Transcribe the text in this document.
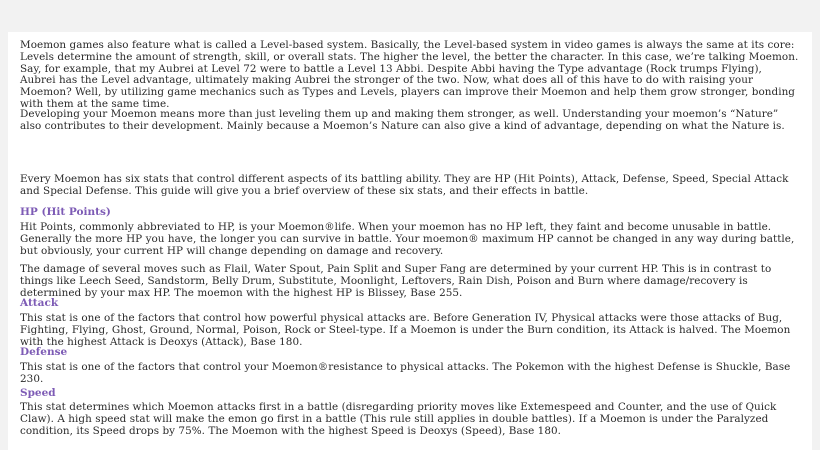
Moemon games also feature what is called a Level-based system. Basically, the Level-based system in video games is always the same at its core: Levels determine the amount of strength, skill, or overall stats. The higher the level, the better the character. In this case, we’re talking Moemon. Say, for example, that my Aubrei at Level 72 were to battle a Level 13 Abbi. Despite Abbi having the Type advantage (Rock trumps Flying), Aubrei has the Level advantage, ultimately making Aubrei the stronger of the two. Now, what does all of this have to do with raising your Moemon? Well, by utilizing game mechanics such as Types and Levels, players can improve their Moemon and help them grow stronger, bonding with them at the same time.

Developing your Moemon means more than just leveling them up and making them stronger, as well. Understanding your moemon’s “Nature” also contributes to their development. Mainly because a Moemon’s Nature can also give a kind of advantage, depending on what the Nature is.

Every Moemon has six stats that control different aspects of its battling ability. They are HP (Hit Points), Attack, Defense, Speed, Special Attack and Special Defense. This guide will give you a brief overview of these six stats, and their effects in battle.

HP (Hit Points)

Hit Points, commonly abbreviated to HP, is your Moemon®life. When your moemon has no HP left, they faint and become unusable in battle. Generally the more HP you have, the longer you can survive in battle. Your moemon® maximum HP cannot be changed in any way during battle, but obviously, your current HP will change depending on damage and recovery.

The damage of several moves such as Flail, Water Spout, Pain Split and Super Fang are determined by your current HP. This is in contrast to things like Leech Seed, Sandstorm, Belly Drum, Substitute, Moonlight, Leftovers, Rain Dish, Poison and Burn where damage/recovery is determined by your max HP. The moemon with the highest HP is Blissey, Base 255.

Attack

This stat is one of the factors that control how powerful physical attacks are. Before Generation IV, Physical attacks were those attacks of Bug, Fighting, Flying, Ghost, Ground, Normal, Poison, Rock or Steel-type. If a Moemon is under the Burn condition, its Attack is halved. The Moemon with the highest Attack is Deoxys (Attack), Base 180.

Defense

This stat is one of the factors that control your Moemon®resistance to physical attacks. The Pokemon with the highest Defense is Shuckle, Base 230.

Speed

This stat determines which Moemon attacks first in a battle (disregarding priority moves like Extemespeed and Counter, and the use of Quick Claw). A high speed stat will make the emon go first in a battle (This rule still applies in double battles). If a Moemon is under the Paralyzed condition, its Speed drops by 75%. The Moemon with the highest Speed is Deoxys (Speed), Base 180.
